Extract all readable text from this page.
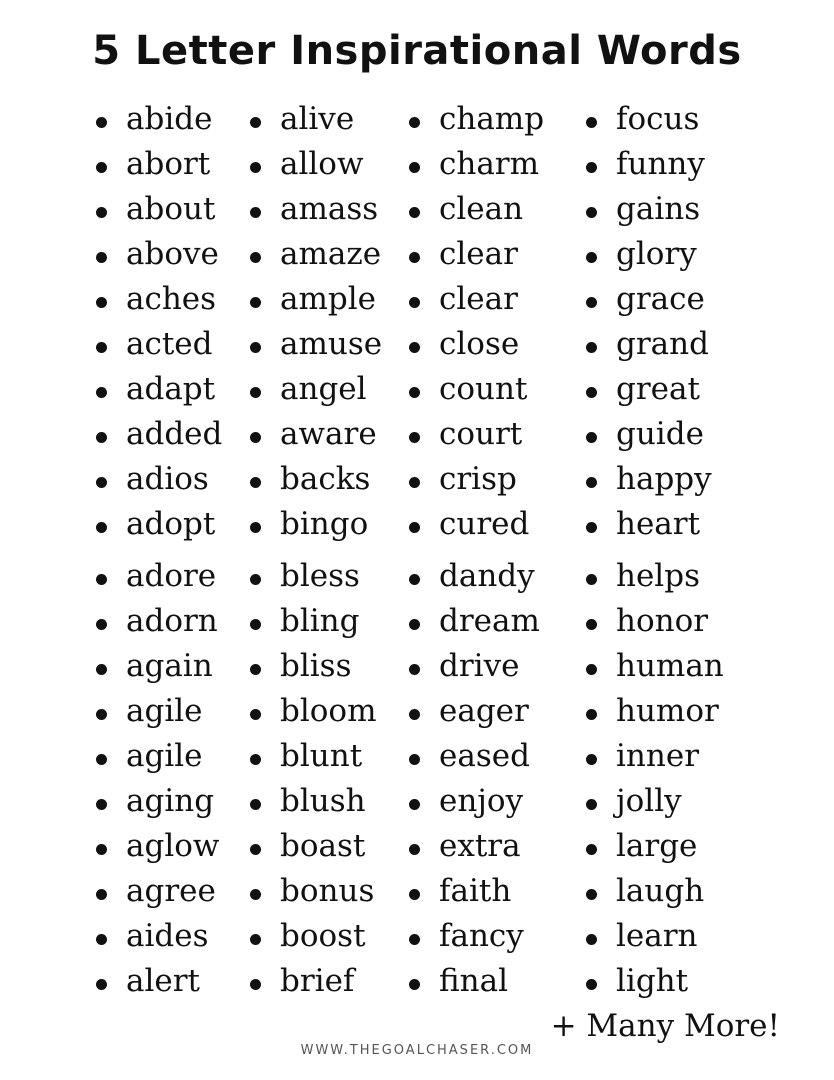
5 Letter Inspirational Words
abide
abort
about
above
aches
acted
adapt
added
adios
adopt
adore
adorn
again
agile
agile
aging
aglow
agree
aides
alert
alive
allow
amass
amaze
ample
amuse
angel
aware
backs
bingo
bless
bling
bliss
bloom
blunt
blush
boast
bonus
boost
brief
champ
charm
clean
clear
clear
close
count
court
crisp
cured
dandy
dream
drive
eager
eased
enjoy
extra
faith
fancy
final
focus
funny
gains
glory
grace
grand
great
guide
happy
heart
helps
honor
human
humor
inner
jolly
large
laugh
learn
light
+ Many More!
WWW.THEGOALCHASER.COM
